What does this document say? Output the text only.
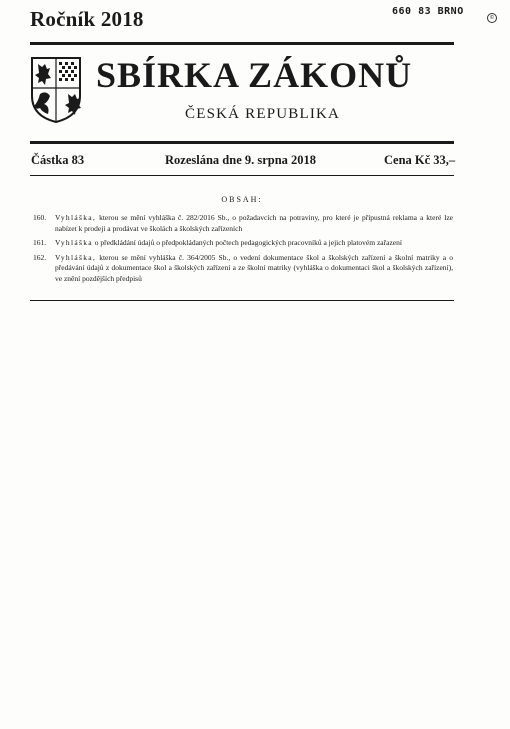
Ročník 2018
    	660 83 BRNO
©
SBÍRKA ZÁKONŮ
ČESKÁ REPUBLIKA
Částka 83	Rozeslána dne 9. srpna 2018	Cena Kč 33,–
OBSAH:
160.	Vyhláška, kterou se mění vyhláška č. 282/2016 Sb., o požadavcích na potraviny, pro které je přípustná reklama a které lze nabízet k prodeji a prodávat ve školách a školských zařízeních
161.	Vyhláška o předkládání údajů o předpokládaných počtech pedagogických pracovníků a jejich platovém zařazení
162.	Vyhláška, kterou se mění vyhláška č. 364/2005 Sb., o vedení dokumentace škol a školských zařízení a školní matriky a o předávání údajů z dokumentace škol a školských zařízení a ze školní matriky (vyhláška o dokumentaci škol a školských zařízení), ve znění pozdějších předpisů
